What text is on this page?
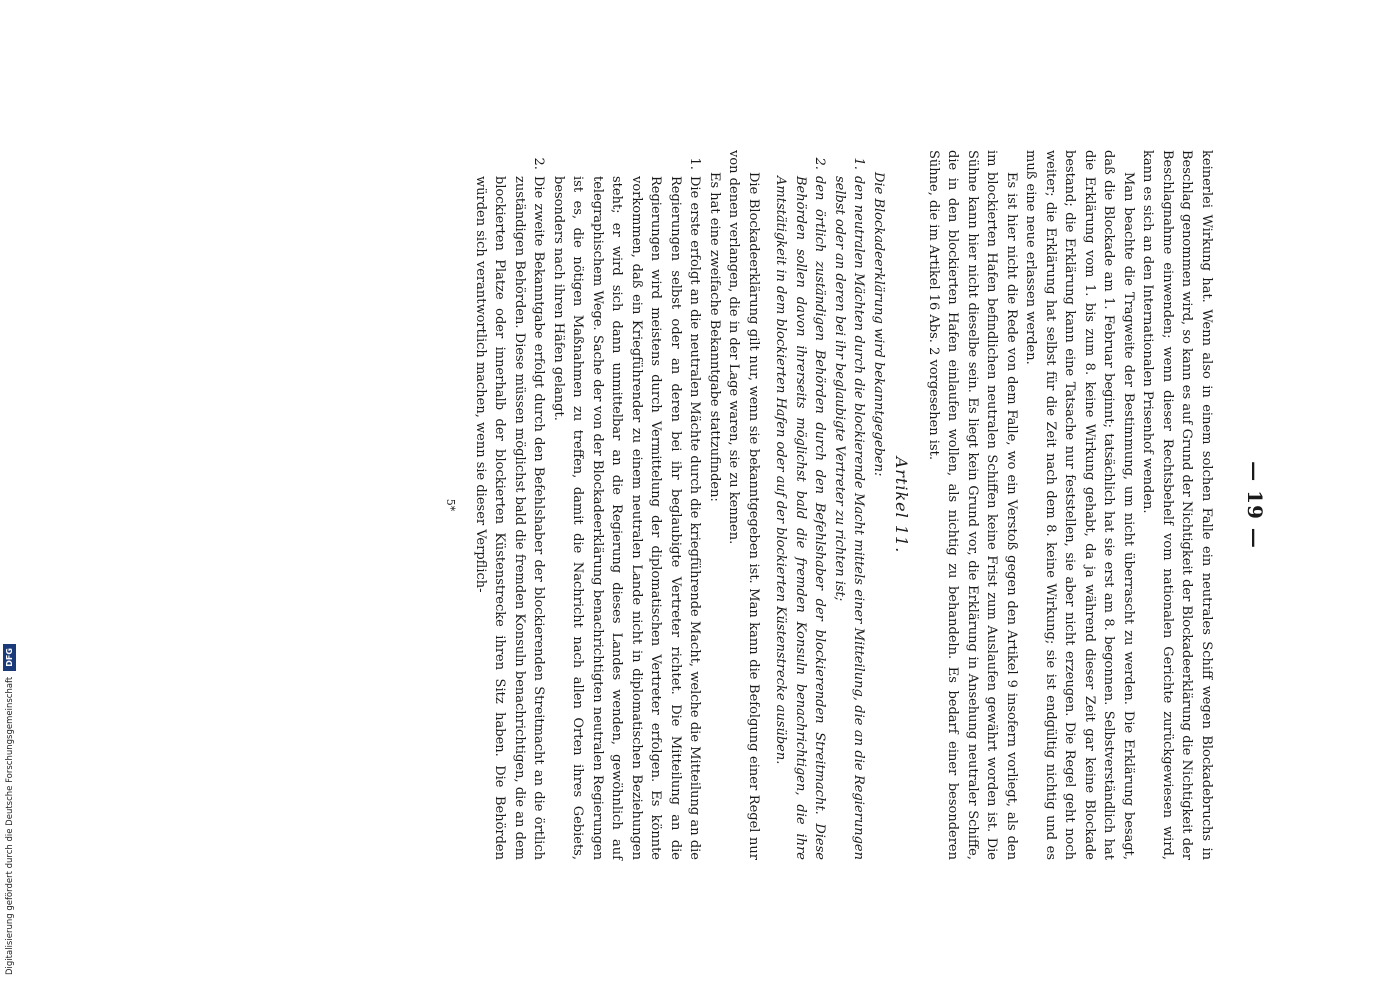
— 19 —

keinerlei Wirkung hat. Wenn also in einem solchen Falle ein neutrales Schiff wegen Blockadebruchs in Beschlag genommen wird, so kann es auf Grund der Nichtigkeit der Blockadeerklärung die Nichtigkeit der Beschlagnahme einwenden; wenn dieser Rechtsbehelf vom nationalen Gerichte zurückgewiesen wird, kann es sich an den Internationalen Prisenhof wenden.

Man beachte die Tragweite der Bestimmung, um nicht überrascht zu werden. Die Erklärung besagt, daß die Blockade am 1. Februar beginnt; tatsächlich hat sie erst am 8. begonnen. Selbstverständlich hat die Erklärung vom 1. bis zum 8. keine Wirkung gehabt, da ja während dieser Zeit gar keine Blockade bestand; die Erklärung kann eine Tatsache nur feststellen, sie aber nicht erzeugen. Die Regel geht noch weiter; die Erklärung hat selbst für die Zeit nach dem 8. keine Wirkung; sie ist endgültig nichtig und es muß eine neue erlassen werden.

Es ist hier nicht die Rede von dem Falle, wo ein Verstoß gegen den Artikel 9 insofern vorliegt, als den im blockierten Hafen befindlichen neutralen Schiffen keine Frist zum Auslaufen gewährt worden ist. Die Sühne kann hier nicht dieselbe sein. Es liegt kein Grund vor, die Erklärung in Ansehung neutraler Schiffe, die in den blockierten Hafen einlaufen wollen, als nichtig zu behandeln. Es bedarf einer besonderen Sühne, die im Artikel 16 Abs. 2 vorgesehen ist.

Artikel 11.

Die Blockadeerklärung wird bekanntgegeben:

1. den neutralen Mächten durch die blockierende Macht mittels einer Mitteilung, die an die Regierungen selbst oder an deren bei ihr beglaubigte Vertreter zu richten ist;
2. den örtlich zuständigen Behörden durch den Befehlshaber der blockierenden Streitmacht. Diese Behörden sollen davon ihrerseits möglichst bald die fremden Konsuln benachrichtigen, die ihre Amtstätigkeit in dem blockierten Hafen oder auf der blockierten Küstenstrecke ausüben.

Die Blockadeerklärung gilt nur, wenn sie bekanntgegeben ist. Man kann die Befolgung einer Regel nur von denen verlangen, die in der Lage waren, sie zu kennen.

Es hat eine zweifache Bekanntgabe stattzufinden:

1. Die erste erfolgt an die neutralen Mächte durch die kriegführende Macht, welche die Mitteilung an die Regierungen selbst oder an deren bei ihr beglaubigte Vertreter richtet. Die Mitteilung an die Regierungen wird meistens durch Vermittelung der diplomatischen Vertreter erfolgen. Es könnte vorkommen, daß ein Kriegführender zu einem neutralen Lande nicht in diplomatischen Beziehungen steht; er wird sich dann unmittelbar an die Regierung dieses Landes wenden, gewöhnlich auf telegraphischem Wege. Sache der von der Blockadeerklärung benachrichtigten neutralen Regierungen ist es, die nötigen Maßnahmen zu treffen, damit die Nachricht nach allen Orten ihres Gebiets, besonders nach ihren Häfen gelangt.
2. Die zweite Bekanntgabe erfolgt durch den Befehlshaber der blockierenden Streitmacht an die örtlich zuständigen Behörden. Diese müssen möglichst bald die fremden Konsuln benachrichtigen, die an dem blockierten Platze oder innerhalb der blockierten Küstenstrecke ihren Sitz haben. Die Behörden würden sich verantwortlich machen, wenn sie dieser Verpflich-

5*

Digitalisierung gefördert durch die Deutsche Forschungsgemeinschaft
DFG
